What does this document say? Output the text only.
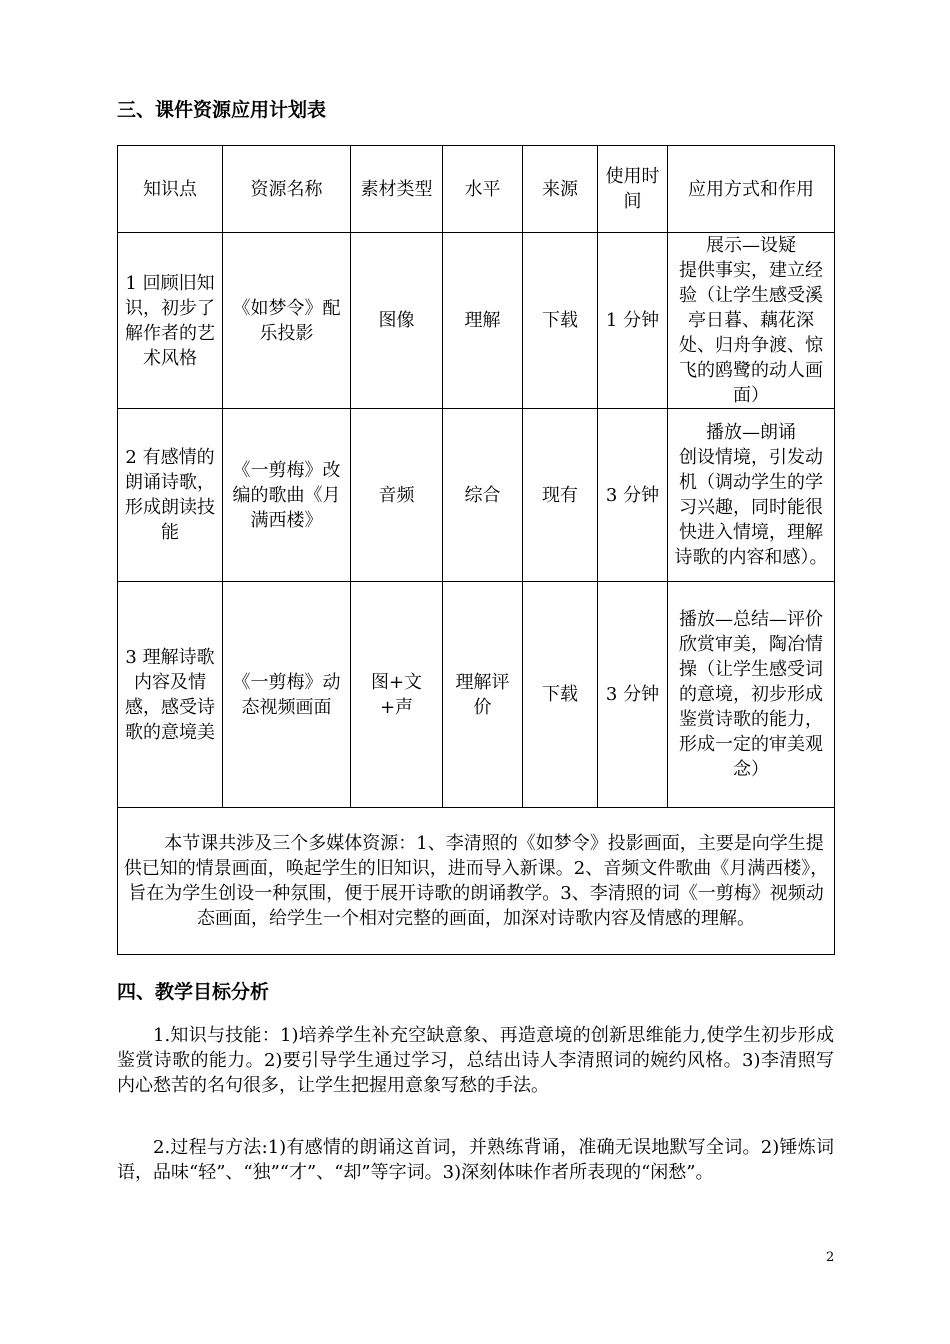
三、课件资源应用计划表
知识点	资源名称	素材类型	水平	来源	使用时间	应用方式和作用
1 回顾旧知识，初步了解作者的艺术风格	《如梦令》配乐投影	图像	理解	下载	1 分钟	展示—设疑
提供事实，建立经验（让学生感受溪亭日暮、藕花深处、归舟争渡、惊飞的鸥鹭的动人画面）
2 有感情的朗诵诗歌，形成朗读技能	《一剪梅》改编的歌曲《月满西楼》	音频	综合	现有	3 分钟	播放—朗诵
创设情境，引发动机（调动学生的学习兴趣，同时能很快进入情境，理解诗歌的内容和感）。
3 理解诗歌内容及情感，感受诗歌的意境美	《一剪梅》动态视频画面	图+文+声	理解评价	下载	3 分钟	播放—总结—评价
欣赏审美，陶冶情操（让学生感受词的意境，初步形成鉴赏诗歌的能力，形成一定的审美观念）
本节课共涉及三个多媒体资源：1、李清照的《如梦令》投影画面，主要是向学生提供已知的情景画面，唤起学生的旧知识，进而导入新课。2、音频文件歌曲《月满西楼》，旨在为学生创设一种氛围，便于展开诗歌的朗诵教学。3、李清照的词《一剪梅》视频动态画面，给学生一个相对完整的画面，加深对诗歌内容及情感的理解。						
四、教学目标分析

1.知识与技能：1)培养学生补充空缺意象、再造意境的创新思维能力,使学生初步形成鉴赏诗歌的能力。2)要引导学生通过学习，总结出诗人李清照词的婉约风格。3)李清照写内心愁苦的名句很多，让学生把握用意象写愁的手法。

2.过程与方法:1)有感情的朗诵这首词，并熟练背诵，准确无误地默写全词。2)锤炼词语，品味“轻”、“独”“才”、“却”等字词。3)深刻体味作者所表现的“闲愁”。

2
